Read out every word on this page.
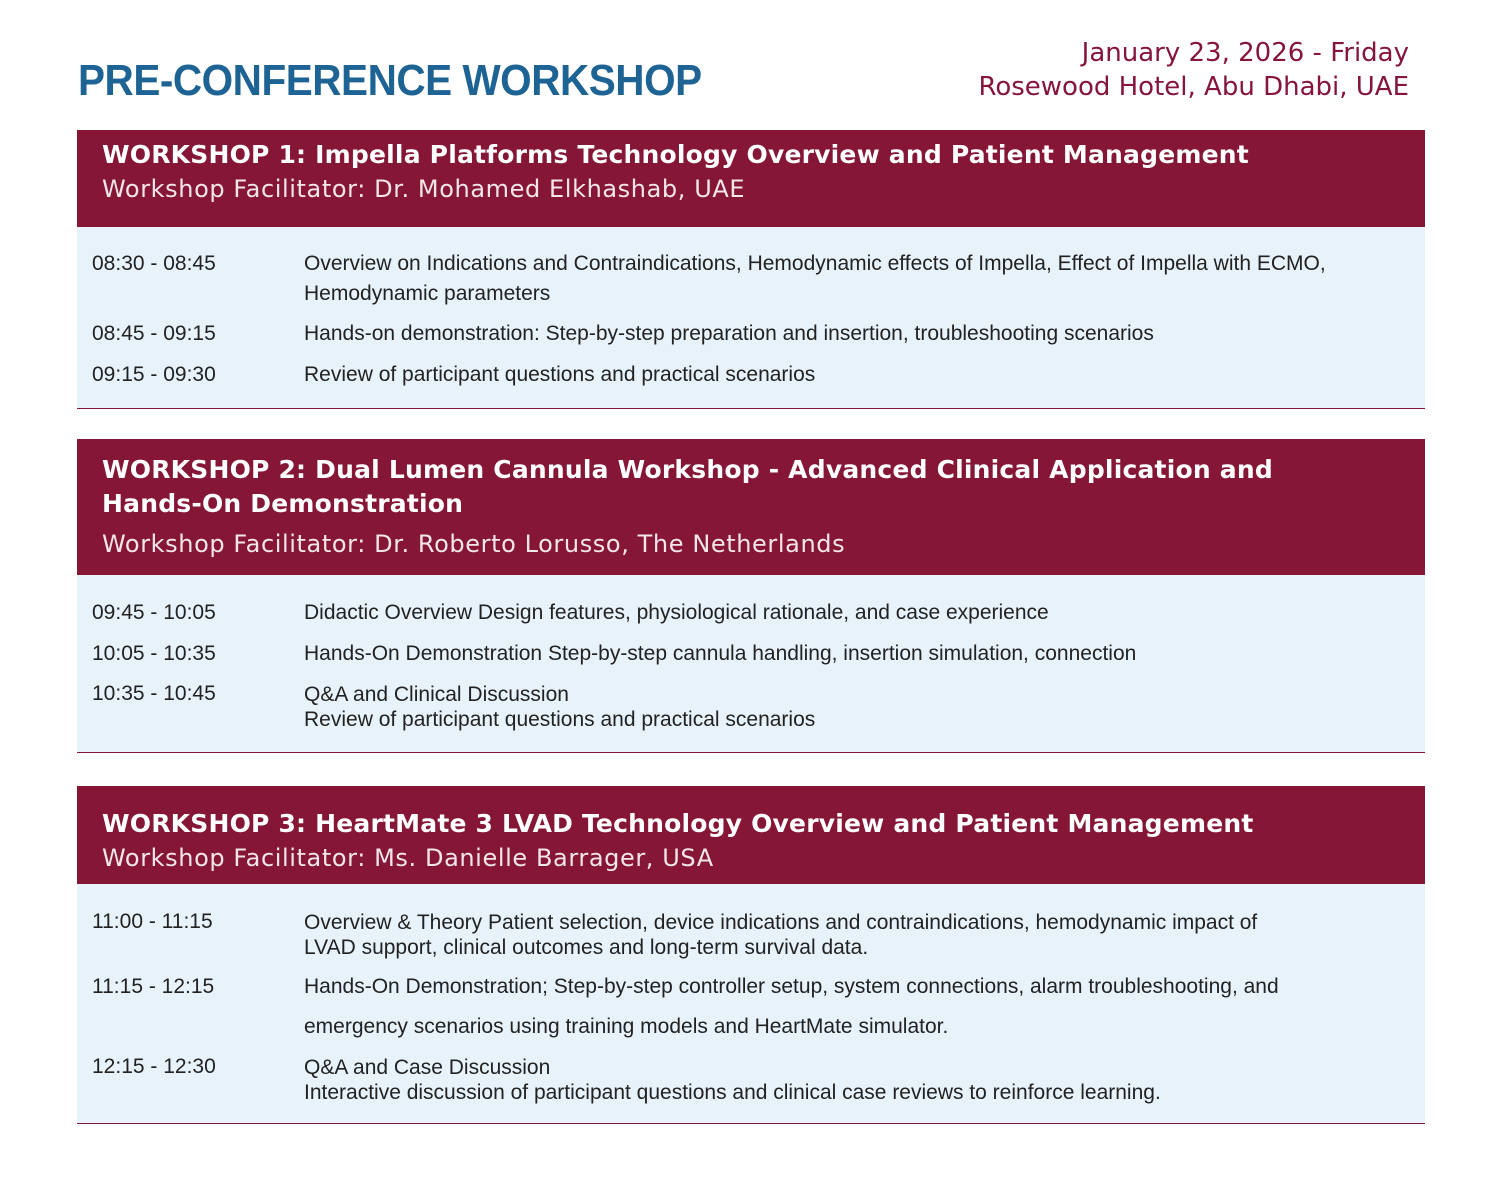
PRE-CONFERENCE WORKSHOP
January 23, 2026 - Friday
Rosewood Hotel, Abu Dhabi, UAE
WORKSHOP 1: Impella Platforms Technology Overview and Patient Management
Workshop Facilitator: Dr. Mohamed Elkhashab, UAE
08:30 - 08:45	Overview on Indications and Contraindications, Hemodynamic effects of Impella, Effect of Impella with ECMO,
Hemodynamic parameters
08:45 - 09:15	Hands-on demonstration: Step-by-step preparation and insertion, troubleshooting scenarios
09:15 - 09:30	Review of participant questions and practical scenarios
WORKSHOP 2: Dual Lumen Cannula Workshop - Advanced Clinical Application and
Hands-On Demonstration
Workshop Facilitator: Dr. Roberto Lorusso, The Netherlands
09:45 - 10:05	Didactic Overview Design features, physiological rationale, and case experience
10:05 - 10:35	Hands-On Demonstration Step-by-step cannula handling, insertion simulation, connection
10:35 - 10:45	Q&A and Clinical Discussion
Review of participant questions and practical scenarios
WORKSHOP 3: HeartMate 3 LVAD Technology Overview and Patient Management
Workshop Facilitator: Ms. Danielle Barrager, USA
11:00 - 11:15	Overview & Theory Patient selection, device indications and contraindications, hemodynamic impact of
LVAD support, clinical outcomes and long-term survival data.
11:15 - 12:15	Hands-On Demonstration; Step-by-step controller setup, system connections, alarm troubleshooting, and
emergency scenarios using training models and HeartMate simulator.
12:15 - 12:30	Q&A and Case Discussion
Interactive discussion of participant questions and clinical case reviews to reinforce learning.
